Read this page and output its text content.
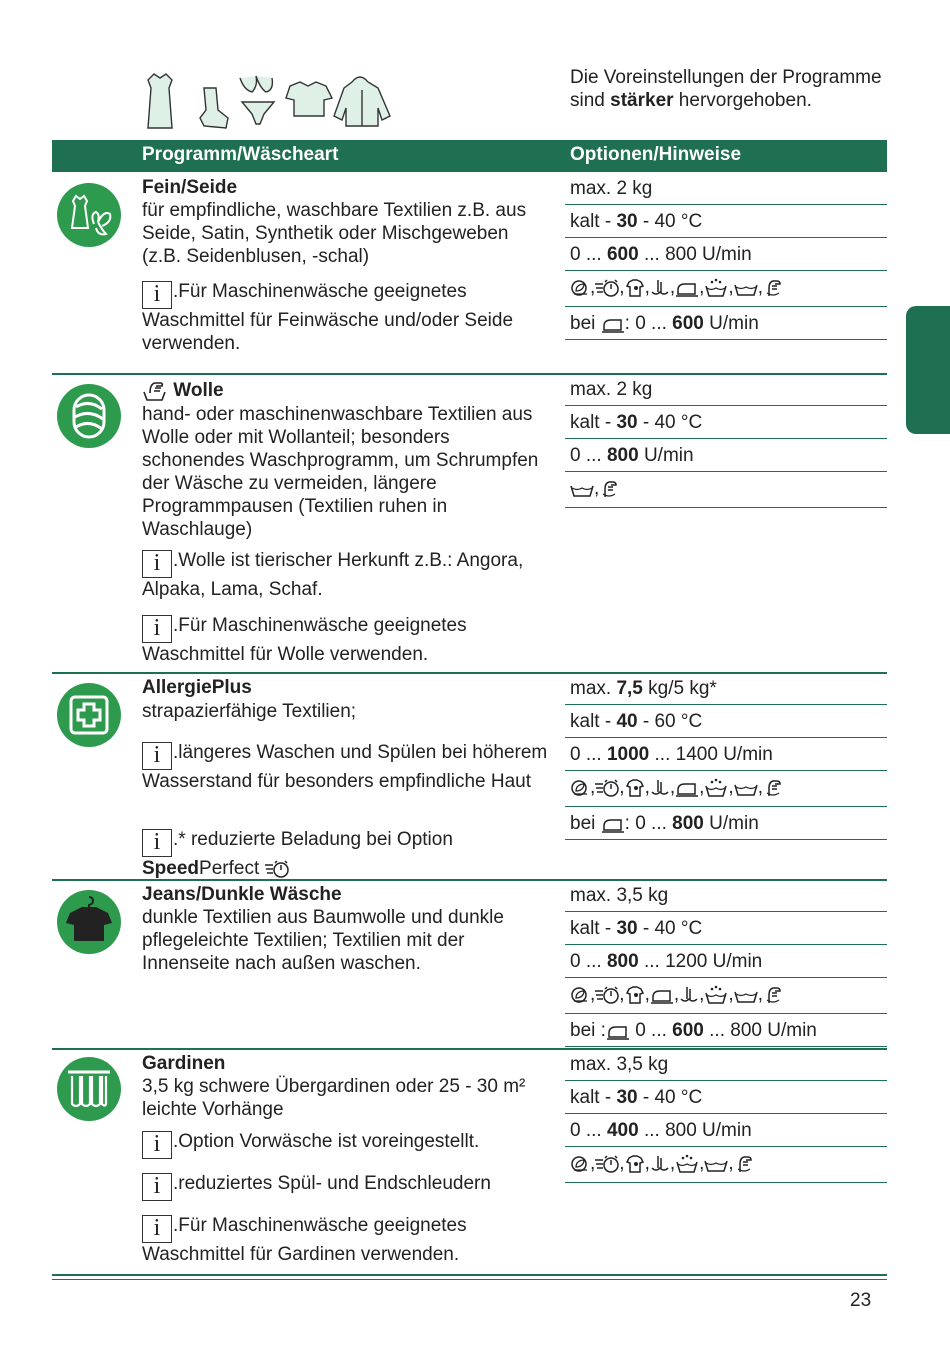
Die Voreinstellungen der Programme sind stärker hervorgehoben.
Programm/Wäscheart	Optionen/Hinweise
Fein/Seide
für empfindliche, waschbare Textilien z.B. aus Seide, Satin, Synthetik oder Mischgeweben (z.B. Seidenblusen, -schal)
i .Für Maschinenwäsche geeignetes Waschmittel für Feinwäsche und/oder Seide verwenden.
max. 2 kg
kalt - 30 - 40 °C
0 ... 600 ... 800 U/min
, , , , , , ,
bei
: 0 ... 600 U/min
Wolle
hand- oder maschinenwaschbare Textilien aus Wolle oder mit Wollanteil; besonders schonendes Waschprogramm, um Schrumpfen der Wäsche zu vermeiden, längere Programmpausen (Textilien ruhen in Waschlauge)
i .Wolle ist tierischer Herkunft z.B.: Angora, Alpaka, Lama, Schaf.
i .Für Maschinenwäsche geeignetes Waschmittel für Wolle verwenden.
max. 2 kg
kalt - 30 - 40 °C
0 ... 800 U/min
,
AllergiePlus
strapazierfähige Textilien;
i .längeres Waschen und Spülen bei höherem Wasserstand für besonders empfindliche Haut
i .* reduzierte Beladung bei Option SpeedPerfect
max. 7,5 kg/5 kg*
kalt - 40 - 60 °C
0 ... 1000 ... 1400 U/min
, , , , , , ,
bei
: 0 ... 800 U/min
Jeans/Dunkle Wäsche
dunkle Textilien aus Baumwolle und dunkle pflegeleichte Textilien; Textilien mit der Innenseite nach außen waschen.
max. 3,5 kg
kalt - 30 - 40 °C
0 ... 800 ... 1200 U/min
, , , , , , ,
bei :
0 ... 600 ... 800 U/min
Gardinen
3,5 kg schwere Übergardinen oder 25 - 30 m² leichte Vorhänge
i .Option Vorwäsche ist voreingestellt.
i .reduziertes Spül- und Endschleudern
i .Für Maschinenwäsche geeignetes Waschmittel für Gardinen verwenden.
max. 3,5 kg
kalt - 30 - 40 °C
0 ... 400 ... 800 U/min
, , , , , ,
23
